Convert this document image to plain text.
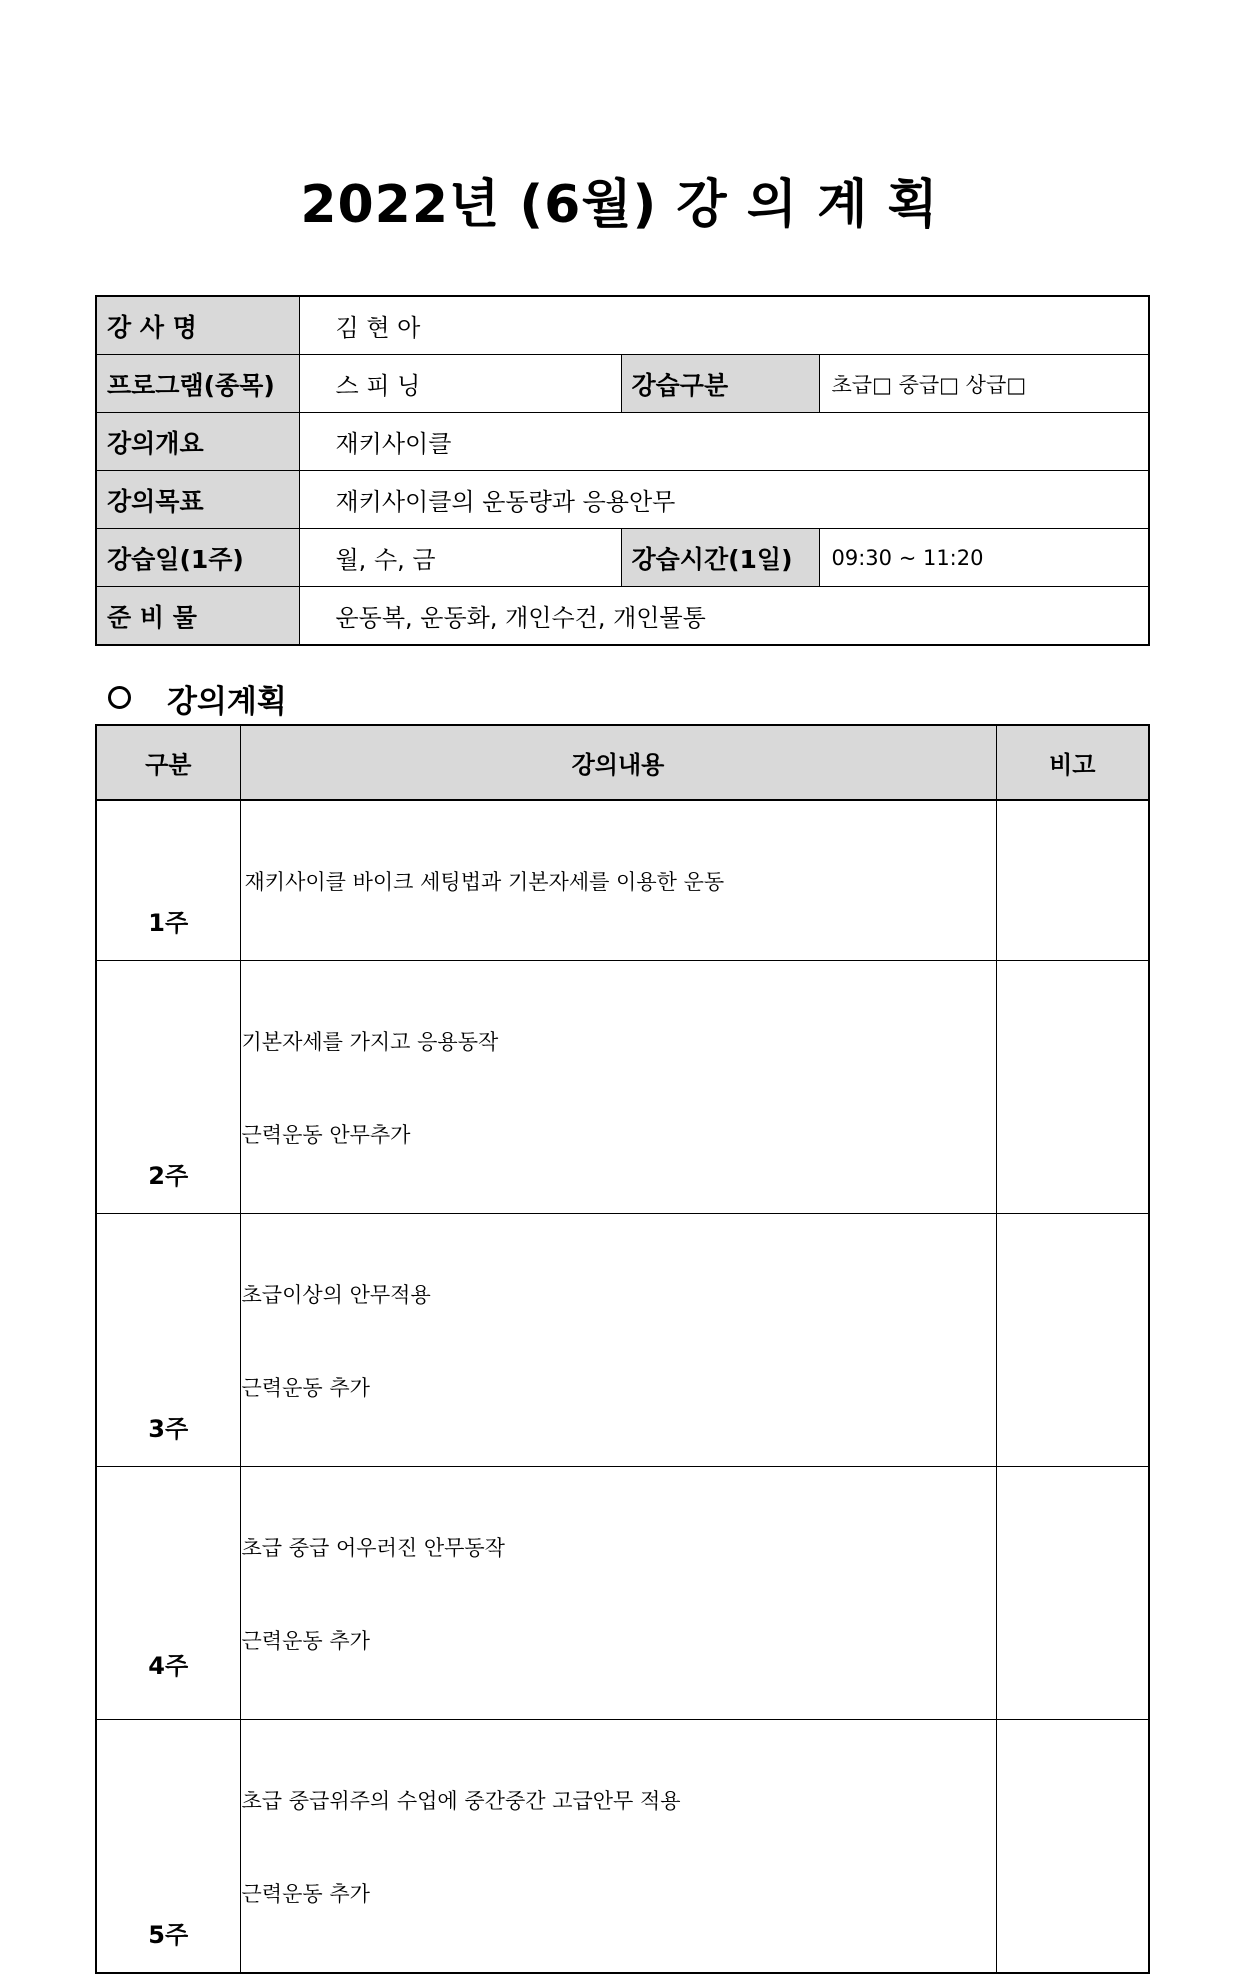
2022년 (6월) 강 의 계 획
강 사 명	김 현 아		
프로그램(종목)	스 피 닝	강습구분	초급□ 중급□ 상급□
강의개요	재키사이클		
강의목표	재키사이클의 운동량과 응용안무		
강습일(1주)	월, 수, 금	강습시간(1일)	09:30 ~ 11:20
준 비 물	운동복, 운동화, 개인수건, 개인물통		
강의계획
구분	강의내용	비고

1주	재키사이클 바이크 세팅법과 기본자세를 이용한 운동	

2주	기본자세를 가지고 응용동작

근력운동 안무추가	

3주	초급이상의 안무적용

근력운동 추가	

4주	초급 중급 어우러진 안무동작

근력운동 추가	

5주	초급 중급위주의 수업에 중간중간 고급안무 적용

근력운동 추가	
